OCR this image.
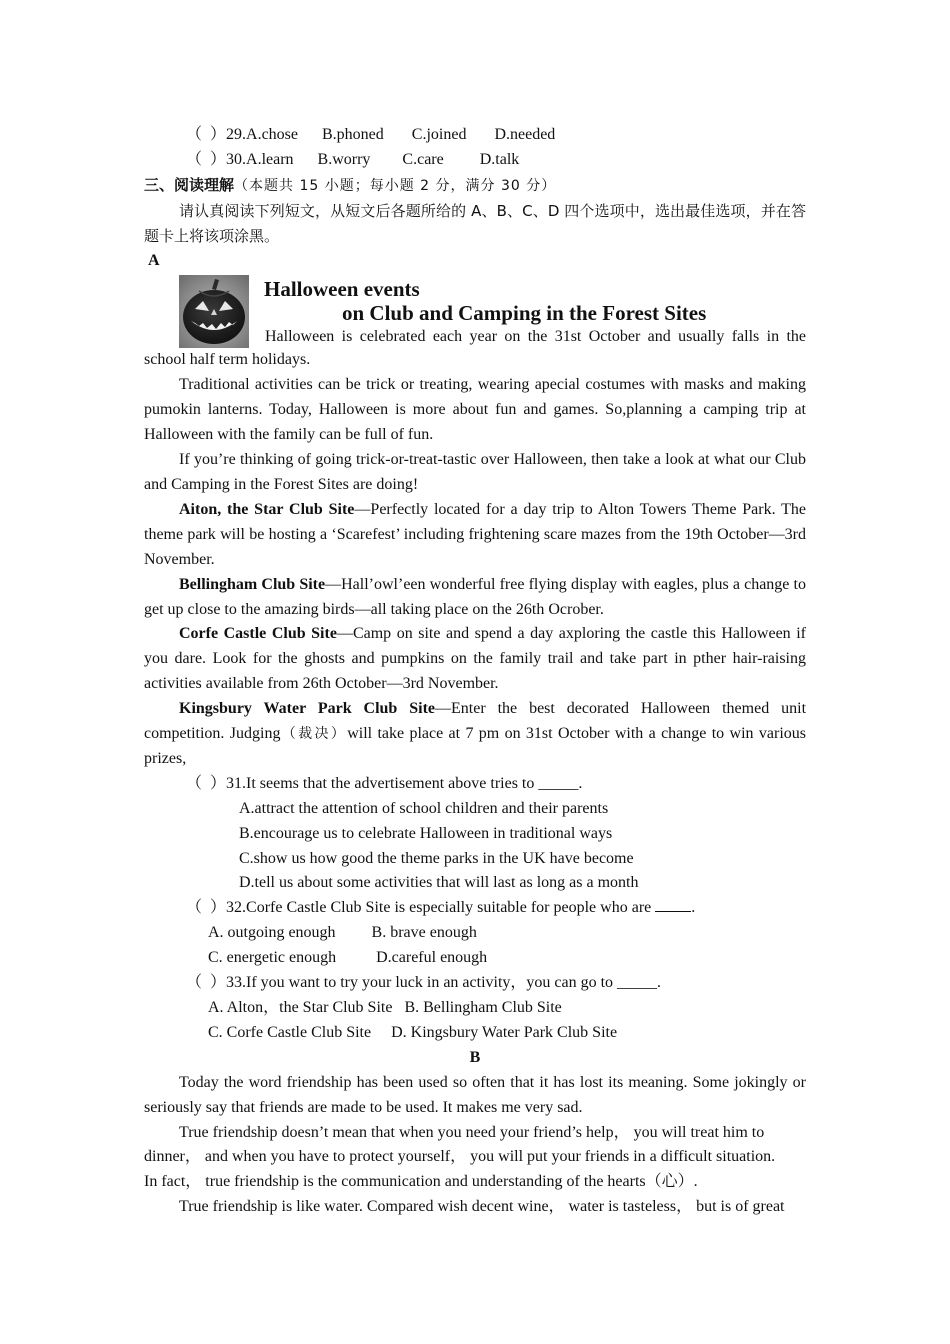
（  ）29.A.chose      B.phoned       C.joined       D.needed

（  ）30.A.learn      B.worry        C.care         D.talk

三、阅读理解（本题共 15 小题；每小题 2 分，满分 30 分）

请认真阅读下列短文，从短文后各题所给的 A、B、C、D 四个选项中，选出最佳选项，并在答题卡上将该项涂黑。

A

Halloween events
on Club and Camping in the Forest Sites
Halloween is celebrated each year on the 31st October and usually falls in the

school half term holidays.

Traditional activities can be trick or treating, wearing apecial costumes with masks and making pumokin lanterns. Today, Halloween is more about fun and games. So,planning a camping trip at Halloween with the family can be full of fun.

If you’re thinking of going trick-or-treat-tastic over Halloween, then take a look at what our Club and Camping in the Forest Sites are doing!

Aiton, the Star Club Site—Perfectly located for a day trip to Alton Towers Theme Park. The theme park will be hosting a ‘Scarefest’ including frightening scare mazes from the 19th October—3rd November.

Bellingham Club Site—Hall’owl’een wonderful free flying display with eagles, plus a change to get up close to the amazing birds—all taking place on the 26th Ocrober.

Corfe Castle Club Site—Camp on site and spend a day axploring the castle this Halloween if you dare. Look for the ghosts and pumpkins on the family trail and take part in pther hair-raising activities available from 26th October—3rd November.

Kingsbury Water Park Club Site—Enter the best decorated Halloween themed unit competition. Judging（裁决）will take place at 7 pm on 31st October with a change to win various prizes,

（  ）31.It seems that the advertisement above tries to _____.

A.attract the attention of school children and their parents

B.encourage us to celebrate Halloween in traditional ways

C.show us how good the theme parks in the UK have become

D.tell us about some activities that will last as long as a month

（  ）32.Corfe Castle Club Site is especially suitable for people who are	.

A. outgoing enough         B. brave enough

C. energetic enough          D.careful enough

（  ）33.If you want to try your luck in an activity，you can go to _____.

A. Alton，the Star Club Site   B. Bellingham Club Site

C. Corfe Castle Club Site     D. Kingsbury Water Park Club Site

B

Today the word friendship has been used so often that it has lost its meaning. Some jokingly or seriously say that friends are made to be used. It makes me very sad.

True friendship doesn’t mean that when you need your friend’s help， you will treat him to

dinner， and when you have to protect yourself， you will put your friends in a difficult situation.

In fact， true friendship is the communication and understanding of the hearts（心）.

True friendship is like water. Compared wish decent wine， water is tasteless， but is of great
